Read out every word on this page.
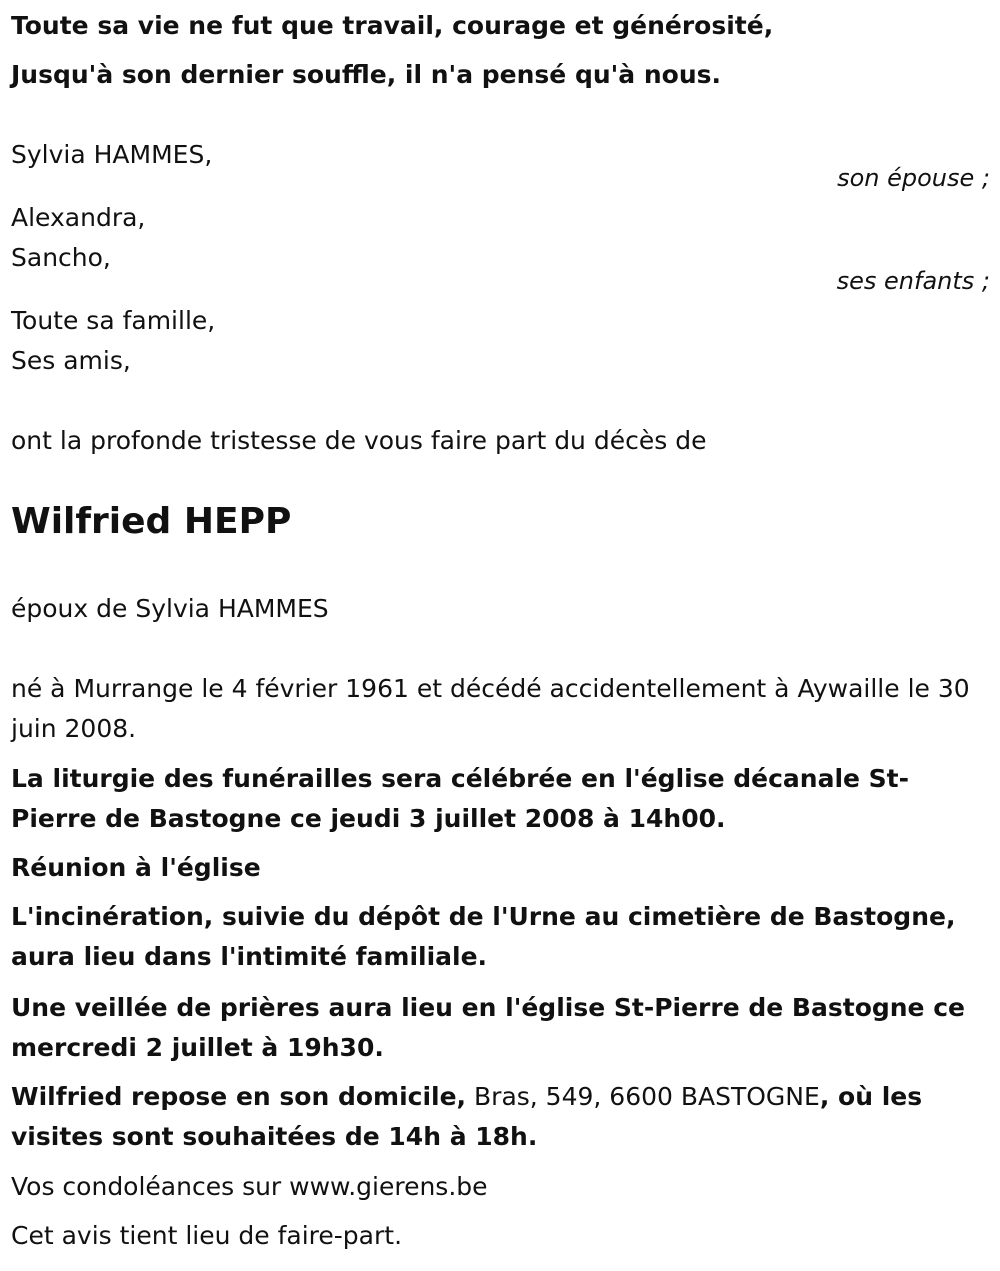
Toute sa vie ne fut que travail, courage et générosité,
Jusqu'à son dernier souffle, il n'a pensé qu'à nous.
Sylvia HAMMES,
son épouse ;
Alexandra,
Sancho,
ses enfants ;
Toute sa famille,
Ses amis,
ont la profonde tristesse de vous faire part du décès de
Wilfried HEPP
époux de Sylvia HAMMES
né à Murrange le 4 février 1961 et décédé accidentellement à Aywaille le 30 juin 2008.
La liturgie des funérailles sera célébrée en l'église décanale St-Pierre de Bastogne ce jeudi 3 juillet 2008 à 14h00.
Réunion à l'église
L'incinération, suivie du dépôt de l'Urne au cimetière de Bastogne, aura lieu dans l'intimité familiale.
Une veillée de prières aura lieu en l'église St-Pierre de Bastogne ce mercredi 2 juillet à 19h30.
Wilfried repose en son domicile, Bras, 549, 6600 BASTOGNE, où les visites sont souhaitées de 14h à 18h.
Vos condoléances sur www.gierens.be
Cet avis tient lieu de faire-part.
